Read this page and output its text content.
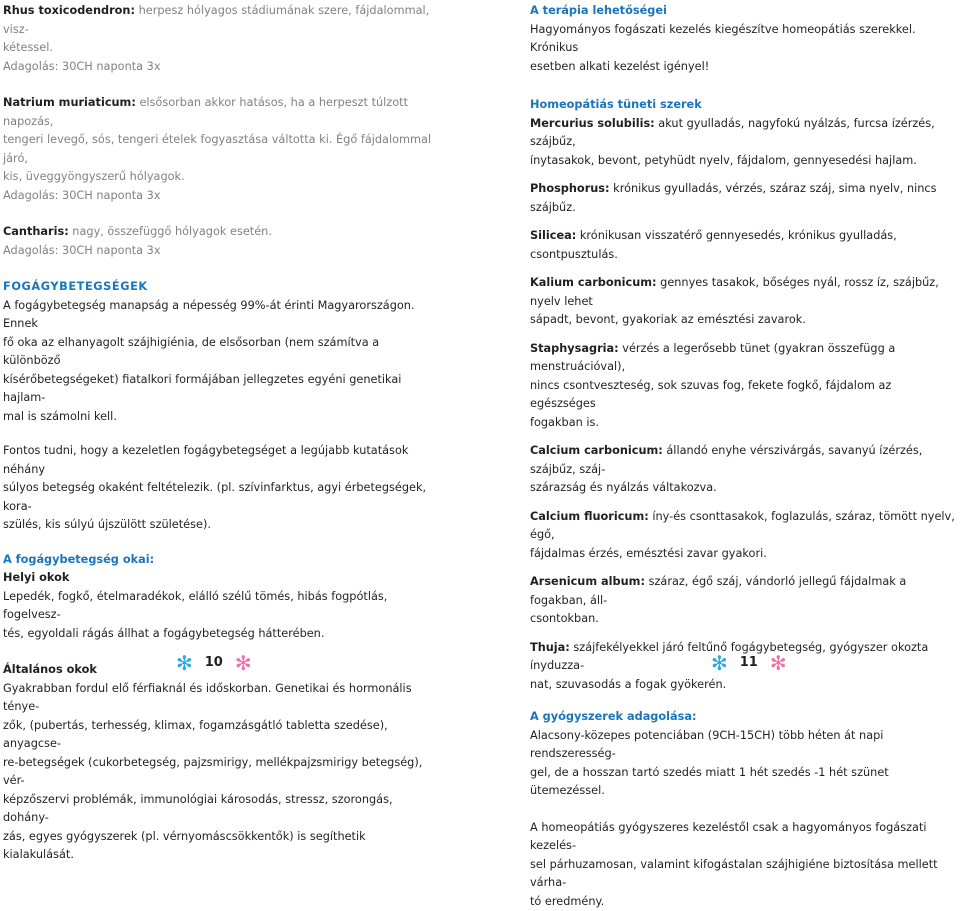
Rhus toxicodendron: herpesz hólyagos stádiumának szere, fájdalommal, visz-
kétessel.
Adagolás: 30CH naponta 3x

Natrium muriaticum: elsősorban akkor hatásos, ha a herpeszt túlzott napozás,
tengeri levegő, sós, tengeri ételek fogyasztása váltotta ki. Égő fájdalommal járó,
kis, üveggyöngyszerű hólyagok.
Adagolás: 30CH naponta 3x

Cantharis: nagy, összefüggő hólyagok esetén.
Adagolás: 30CH naponta 3x

FOGÁGYBETEGSÉGEK

A fogágybetegség manapság a népesség 99%-át érinti Magyarországon. Ennek
fő oka az elhanyagolt szájhigiénia, de elsősorban (nem számítva a különböző
kísérőbetegségeket) fiatalkori formájában jellegzetes egyéni genetikai hajlam-
mal is számolni kell.

Fontos tudni, hogy a kezeletlen fogágybetegséget a legújabb kutatások néhány
súlyos betegség okaként feltételezik. (pl. szívinfarktus, agyi érbetegségek, kora-
szülés, kis súlyú újszülött születése).

A fogágybetegség okai:

Helyi okok

Lepedék, fogkő, ételmaradékok, elálló szélű tömés, hibás fogpótlás, fogelvesz-
tés, egyoldali rágás állhat a fogágybetegség hátterében.

Általános okok

Gyakrabban fordul elő férfiaknál és időskorban. Genetikai és hormonális ténye-
zők, (pubertás, terhesség, klimax, fogamzásgátló tabletta szedése), anyagcse-
re-betegségek (cukorbetegség, pajzsmirigy, mellékpajzsmirigy betegség), vér-
képzőszervi problémák, immunológiai károsodás, stressz, szorongás, dohány-
zás, egyes gyógyszerek (pl. vérnyomáscsökkentők) is segíthetik kialakulását.

A terápia lehetőségei

Hagyományos fogászati kezelés kiegészítve homeopátiás szerekkel. Krónikus
esetben alkati kezelést igényel!

Homeopátiás tüneti szerek

Mercurius solubilis: akut gyulladás, nagyfokú nyálzás, furcsa ízérzés, szájbűz,
ínytasakok, bevont, petyhüdt nyelv, fájdalom, gennyesedési hajlam.

Phosphorus: krónikus gyulladás, vérzés, száraz száj, sima nyelv, nincs szájbűz.

Silicea: krónikusan visszatérő gennyesedés, krónikus gyulladás, csontpusztulás.

Kalium carbonicum: gennyes tasakok, bőséges nyál, rossz íz, szájbűz, nyelv lehet
sápadt, bevont, gyakoriak az emésztési zavarok.

Staphysagria: vérzés a legerősebb tünet (gyakran összefügg a menstruációval),
nincs csontveszteség, sok szuvas fog, fekete fogkő, fájdalom az egészséges
fogakban is.

Calcium carbonicum: állandó enyhe vérszivárgás, savanyú ízérzés, szájbűz, száj-
szárazság és nyálzás váltakozva.

Calcium fluoricum: íny-és csonttasakok, foglazulás, száraz, tömött nyelv, égő,
fájdalmas érzés, emésztési zavar gyakori.

Arsenicum album: száraz, égő száj, vándorló jellegű fájdalmak a fogakban, áll-
csontokban.

Thuja: szájfekélyekkel járó feltűnő fogágybetegség, gyógyszer okozta ínyduzza-
nat, szuvasodás a fogak gyökerén.

A gyógyszerek adagolása:

Alacsony-közepes potenciában (9CH-15CH) több héten át napi rendszeresség-
gel, de a hosszan tartó szedés miatt 1 hét szedés -1 hét szünet ütemezéssel.

A homeopátiás gyógyszeres kezeléstől csak a hagyományos fogászati kezelés-
sel párhuzamosan, valamint kifogástalan szájhigiéne biztosítása mellett várha-
tó eredmény.

✻ 10 ✻	✻ 11 ✻
